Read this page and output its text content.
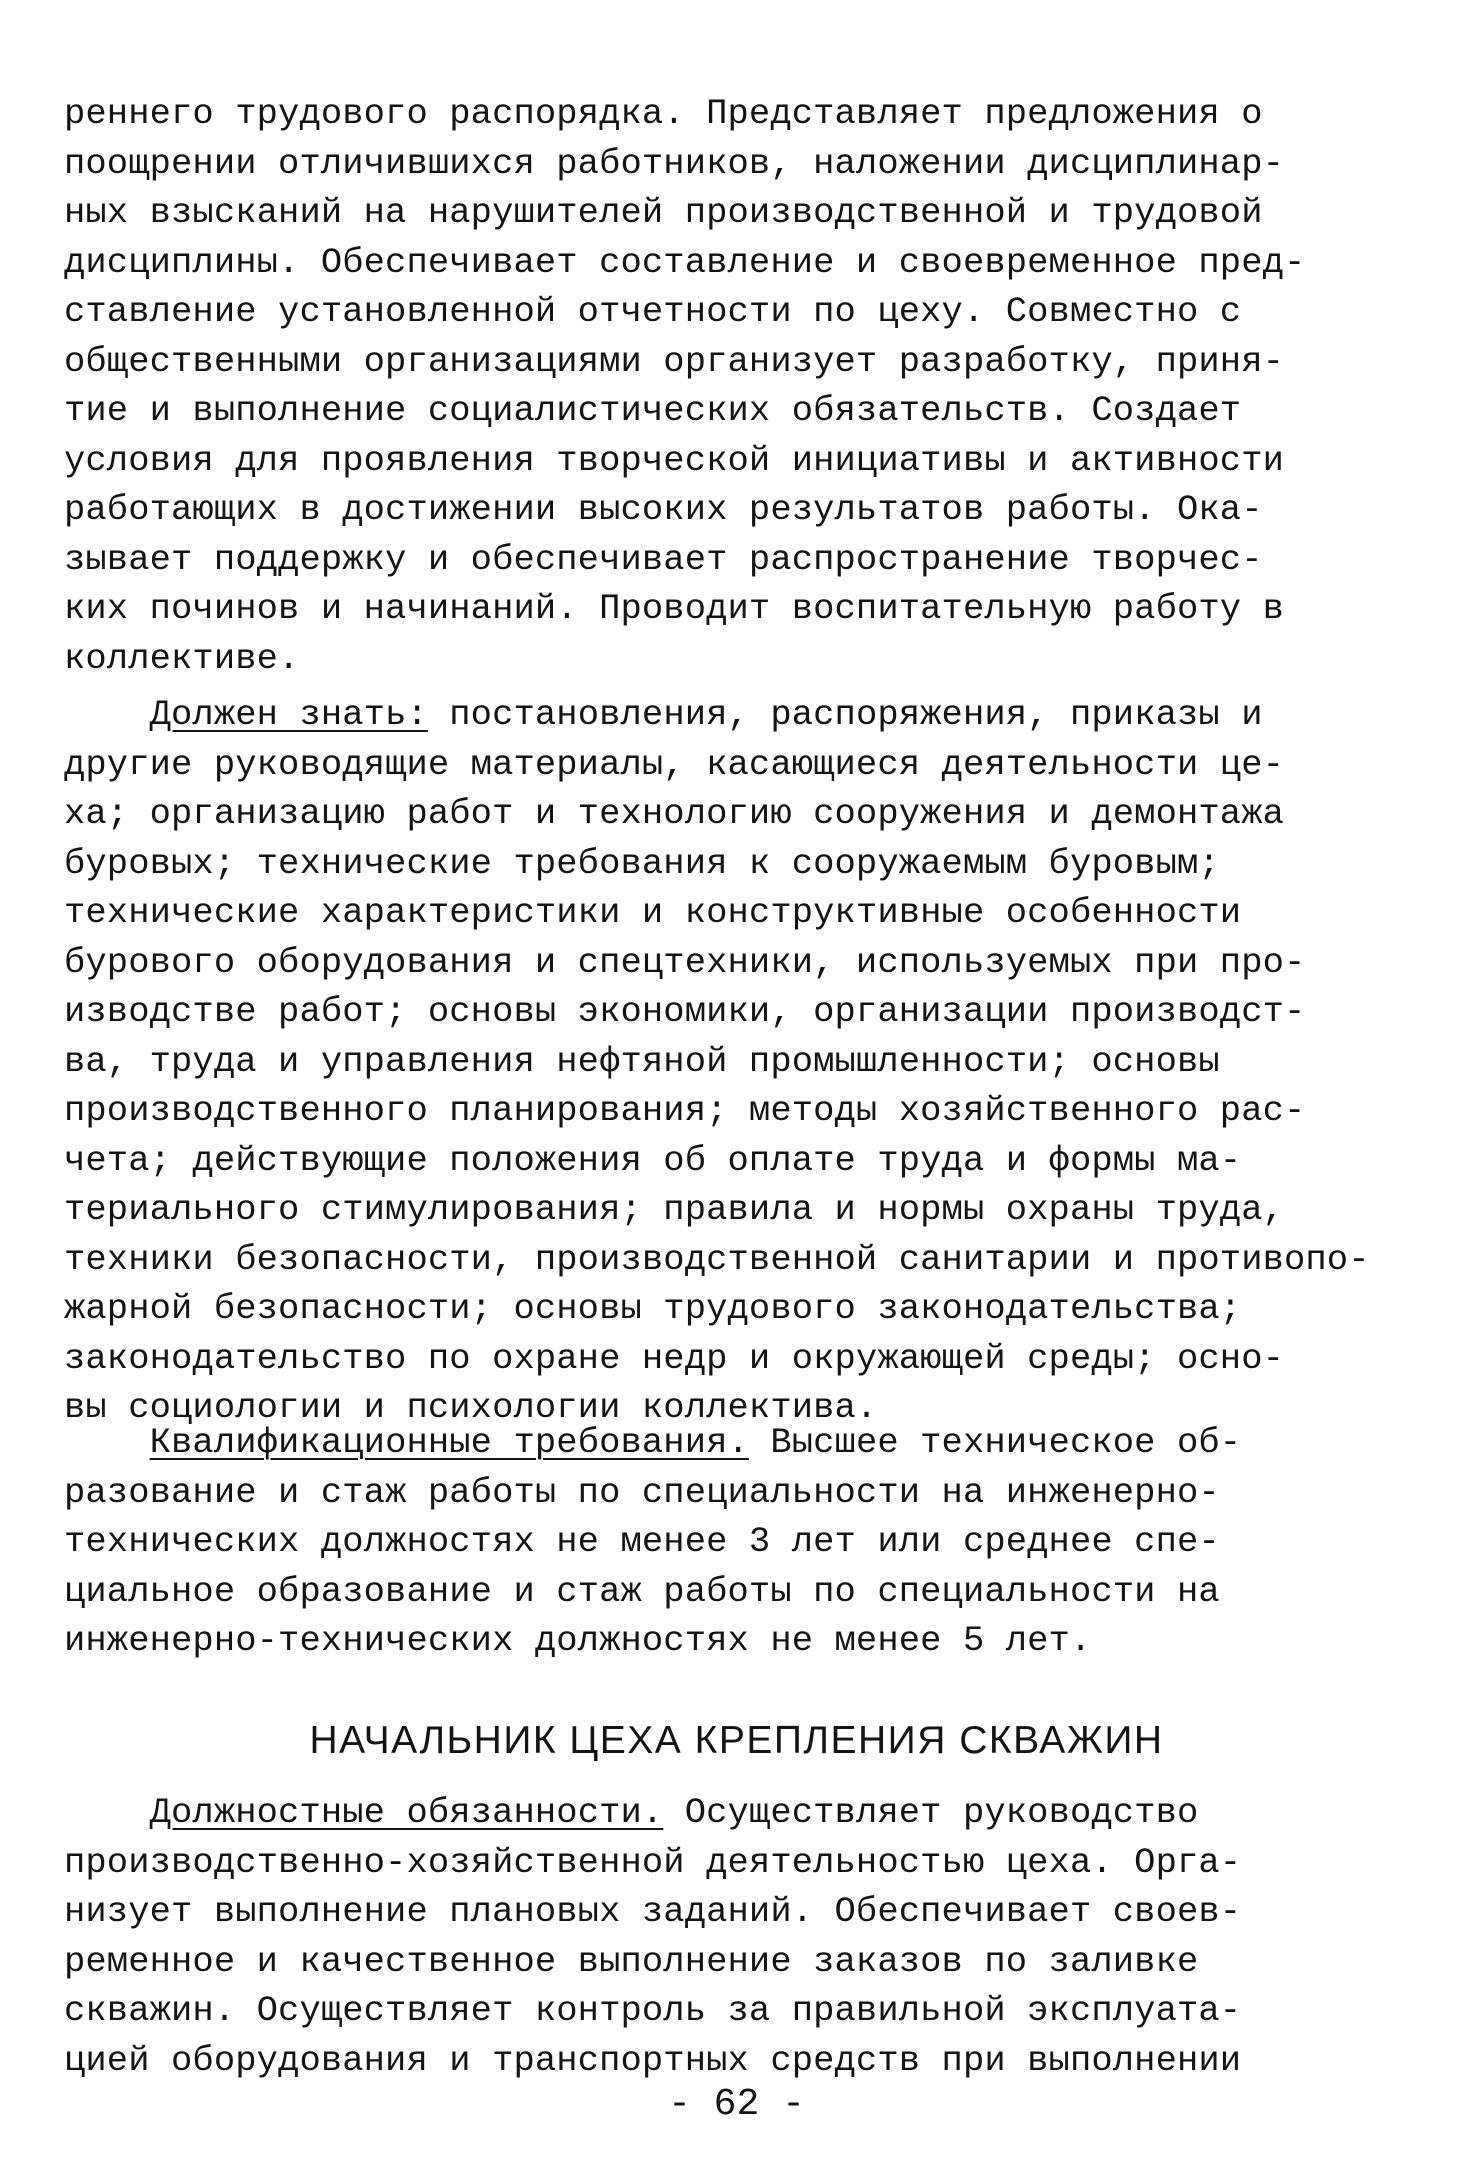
реннего трудового распорядка. Представляет предложения о
поощрении отличившихся работников, наложении дисциплинар-
ных взысканий на нарушителей производственной и трудовой
дисциплины. Обеспечивает составление и своевременное пред-
ставление установленной отчетности по цеху. Совместно с
общественными организациями организует разработку, приня-
тие и выполнение социалистических обязательств. Создает
условия для проявления творческой инициативы и активности
работающих в достижении высоких результатов работы. Ока-
зывает поддержку и обеспечивает распространение творчес-
ких починов и начинаний. Проводит воспитательную работу в
коллективе.
Должен знать: постановления, распоряжения, приказы и
другие руководящие материалы, касающиеся деятельности це-
ха; организацию работ и технологию сооружения и демонтажа
буровых; технические требования к сооружаемым буровым;
технические характеристики и конструктивные особенности
бурового оборудования и спецтехники, используемых при про-
изводстве работ; основы экономики, организации производст-
ва, труда и управления нефтяной промышленности; основы
производственного планирования; методы хозяйственного рас-
чета; действующие положения об оплате труда и формы ма-
териального стимулирования; правила и нормы охраны труда,
техники безопасности, производственной санитарии и противопо-
жарной безопасности; основы трудового законодательства;
законодательство по охране недр и окружающей среды; осно-
вы социологии и психологии коллектива.
Квалификационные требования. Высшее техническое об-
разование и стаж работы по специальности на инженерно-
технических должностях не менее 3 лет или среднее спе-
циальное образование и стаж работы по специальности на
инженерно-технических должностях не менее 5 лет.
НАЧАЛЬНИК ЦЕХА КРЕПЛЕНИЯ СКВАЖИН
Должностные обязанности. Осуществляет руководство
производственно-хозяйственной деятельностью цеха. Орга-
низует выполнение плановых заданий. Обеспечивает своев-
ременное и качественное выполнение заказов по заливке
скважин. Осуществляет контроль за правильной эксплуата-
цией оборудования и транспортных средств при выполнении
- 62 -
